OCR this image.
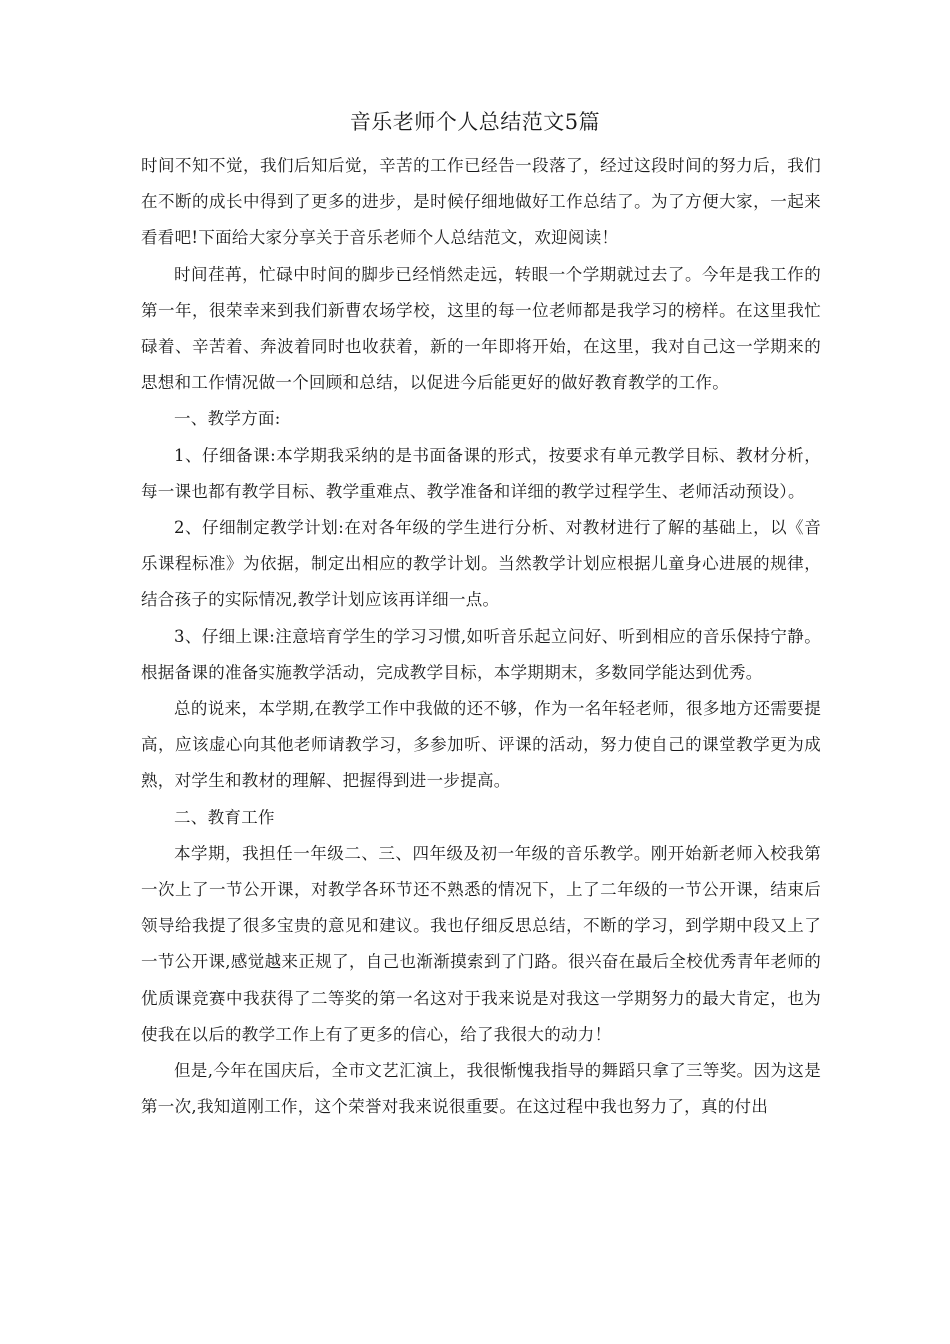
音乐老师个人总结范文5篇

时间不知不觉，我们后知后觉，辛苦的工作已经告一段落了，经过这段时间的努力后，我们在不断的成长中得到了更多的进步，是时候仔细地做好工作总结了。为了方便大家，一起来看看吧!下面给大家分享关于音乐老师个人总结范文，欢迎阅读！

时间荏苒，忙碌中时间的脚步已经悄然走远，转眼一个学期就过去了。今年是我工作的第一年，很荣幸来到我们新曹农场学校，这里的每一位老师都是我学习的榜样。在这里我忙碌着、辛苦着、奔波着同时也收获着，新的一年即将开始，在这里，我对自己这一学期来的思想和工作情况做一个回顾和总结，以促进今后能更好的做好教育教学的工作。

一、教学方面:

1、仔细备课:本学期我采纳的是书面备课的形式，按要求有单元教学目标、教材分析，每一课也都有教学目标、教学重难点、教学准备和详细的教学过程学生、老师活动预设）。

2、仔细制定教学计划:在对各年级的学生进行分析、对教材进行了解的基础上，以《音乐课程标准》为依据，制定出相应的教学计划。当然教学计划应根据儿童身心进展的规律，结合孩子的实际情况,教学计划应该再详细一点。

3、仔细上课:注意培育学生的学习习惯,如听音乐起立问好、听到相应的音乐保持宁静。根据备课的准备实施教学活动，完成教学目标，本学期期末，多数同学能达到优秀。

总的说来，本学期,在教学工作中我做的还不够，作为一名年轻老师，很多地方还需要提高，应该虚心向其他老师请教学习，多参加听、评课的活动，努力使自己的课堂教学更为成熟，对学生和教材的理解、把握得到进一步提高。

二、教育工作

本学期，我担任一年级二、三、四年级及初一年级的音乐教学。刚开始新老师入校我第一次上了一节公开课，对教学各环节还不熟悉的情况下，上了二年级的一节公开课，结束后领导给我提了很多宝贵的意见和建议。我也仔细反思总结，不断的学习，到学期中段又上了一节公开课,感觉越来正规了，自己也渐渐摸索到了门路。很兴奋在最后全校优秀青年老师的优质课竞赛中我获得了二等奖的第一名这对于我来说是对我这一学期努力的最大肯定，也为使我在以后的教学工作上有了更多的信心，给了我很大的动力！

但是,今年在国庆后，全市文艺汇演上，我很惭愧我指导的舞蹈只拿了三等奖。因为这是第一次,我知道刚工作，这个荣誉对我来说很重要。在这过程中我也努力了，真的付出
